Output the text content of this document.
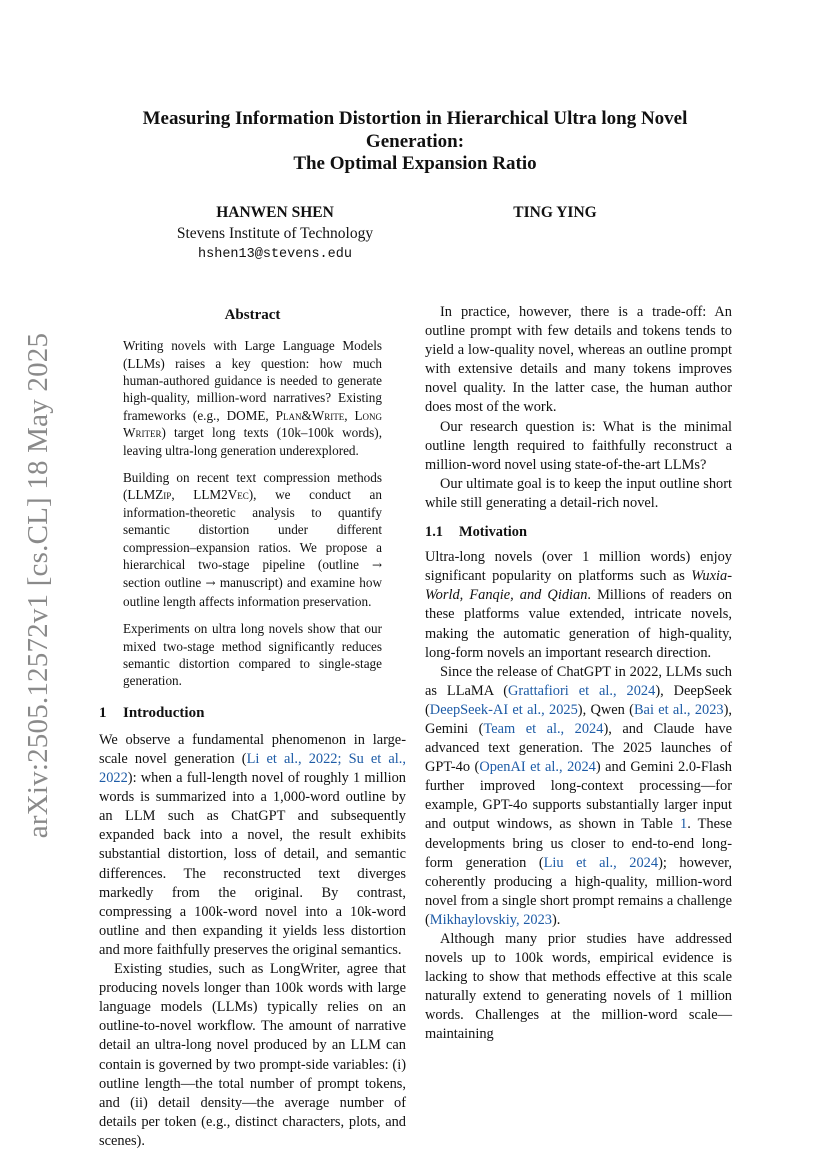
arXiv:2505.12572v1 [cs.CL] 18 May 2025
Measuring Information Distortion in Hierarchical Ultra long Novel
Generation:
The Optimal Expansion Ratio
HANWEN SHEN
Stevens Institute of Technology
hshen13@stevens.edu
TING YING
Abstract

Writing novels with Large Language Models (LLMs) raises a key question: how much human-authored guidance is needed to generate high-quality, million-word narratives? Existing frameworks (e.g., DOME, Plan&Write, Long Writer) target long texts (10k–100k words), leaving ultra-long generation underexplored.

Building on recent text compression methods (LLMZip, LLM2Vec), we conduct an information-theoretic analysis to quantify semantic distortion under different compression–expansion ratios. We propose a hierarchical two-stage pipeline (outline → section outline → manuscript) and examine how outline length affects information preservation.

Experiments on ultra long novels show that our mixed two-stage method significantly reduces semantic distortion compared to single-stage generation.

1 Introduction

We observe a fundamental phenomenon in large-scale novel generation (Li et al., 2022; Su et al., 2022): when a full-length novel of roughly 1 million words is summarized into a 1,000-word outline by an LLM such as ChatGPT and subsequently expanded back into a novel, the result exhibits substantial distortion, loss of detail, and semantic differences. The reconstructed text diverges markedly from the original. By contrast, compressing a 100k-word novel into a 10k-word outline and then expanding it yields less distortion and more faithfully preserves the original semantics.

Existing studies, such as LongWriter, agree that producing novels longer than 100k words with large language models (LLMs) typically relies on an outline-to-novel workflow. The amount of narrative detail an ultra-long novel produced by an LLM can contain is governed by two prompt-side variables: (i) outline length—the total number of prompt tokens, and (ii) detail density—the average number of details per token (e.g., distinct characters, plots, and scenes).

In practice, however, there is a trade-off: An outline prompt with few details and tokens tends to yield a low-quality novel, whereas an outline prompt with extensive details and many tokens improves novel quality. In the latter case, the human author does most of the work.

Our research question is: What is the minimal outline length required to faithfully reconstruct a million-word novel using state-of-the-art LLMs?

Our ultimate goal is to keep the input outline short while still generating a detail-rich novel.

1.1 Motivation

Ultra-long novels (over 1 million words) enjoy significant popularity on platforms such as Wuxia-World, Fanqie, and Qidian. Millions of readers on these platforms value extended, intricate novels, making the automatic generation of high-quality, long-form novels an important research direction.

Since the release of ChatGPT in 2022, LLMs such as LLaMA (Grattafiori et al., 2024), DeepSeek (DeepSeek-AI et al., 2025), Qwen (Bai et al., 2023), Gemini (Team et al., 2024), and Claude have advanced text generation. The 2025 launches of GPT-4o (OpenAI et al., 2024) and Gemini 2.0-Flash further improved long-context processing—for example, GPT-4o supports substantially larger input and output windows, as shown in Table 1. These developments bring us closer to end-to-end long-form generation (Liu et al., 2024); however, coherently producing a high-quality, million-word novel from a single short prompt remains a challenge (Mikhaylovskiy, 2023).

Although many prior studies have addressed novels up to 100k words, empirical evidence is lacking to show that methods effective at this scale naturally extend to generating novels of 1 million words. Challenges at the million-word scale—maintaining
